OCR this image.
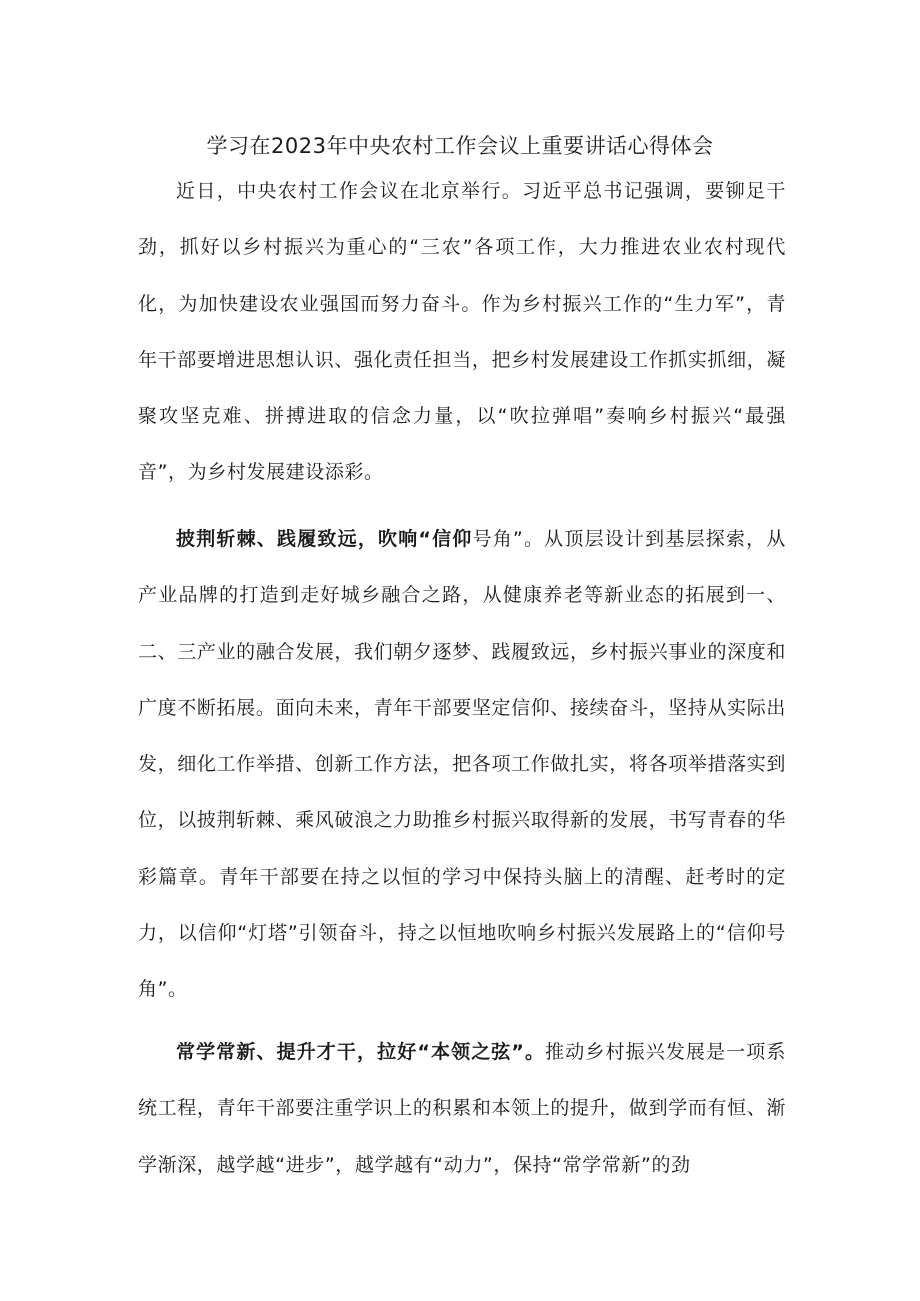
学习在2023年中央农村工作会议上重要讲话心得体会

近日，中央农村工作会议在北京举行。习近平总书记强调，要铆足干劲，抓好以乡村振兴为重心的“三农”各项工作，大力推进农业农村现代化，为加快建设农业强国而努力奋斗。作为乡村振兴工作的“生力军”，青年干部要增进思想认识、强化责任担当，把乡村发展建设工作抓实抓细，凝聚攻坚克难、拼搏进取的信念力量，以“吹拉弹唱”奏响乡村振兴“最强音”，为乡村发展建设添彩。

披荆斩棘、践履致远，吹响“信仰号角”。从顶层设计到基层探索，从产业品牌的打造到走好城乡融合之路，从健康养老等新业态的拓展到一、二、三产业的融合发展，我们朝夕逐梦、践履致远，乡村振兴事业的深度和广度不断拓展。面向未来，青年干部要坚定信仰、接续奋斗，坚持从实际出发，细化工作举措、创新工作方法，把各项工作做扎实，将各项举措落实到位，以披荆斩棘、乘风破浪之力助推乡村振兴取得新的发展，书写青春的华彩篇章。青年干部要在持之以恒的学习中保持头脑上的清醒、赶考时的定力，以信仰“灯塔”引领奋斗，持之以恒地吹响乡村振兴发展路上的“信仰号角”。

常学常新、提升才干，拉好“本领之弦”。推动乡村振兴发展是一项系统工程，青年干部要注重学识上的积累和本领上的提升，做到学而有恒、渐学渐深，越学越“进步”，越学越有“动力”，保持“常学常新”的劲
